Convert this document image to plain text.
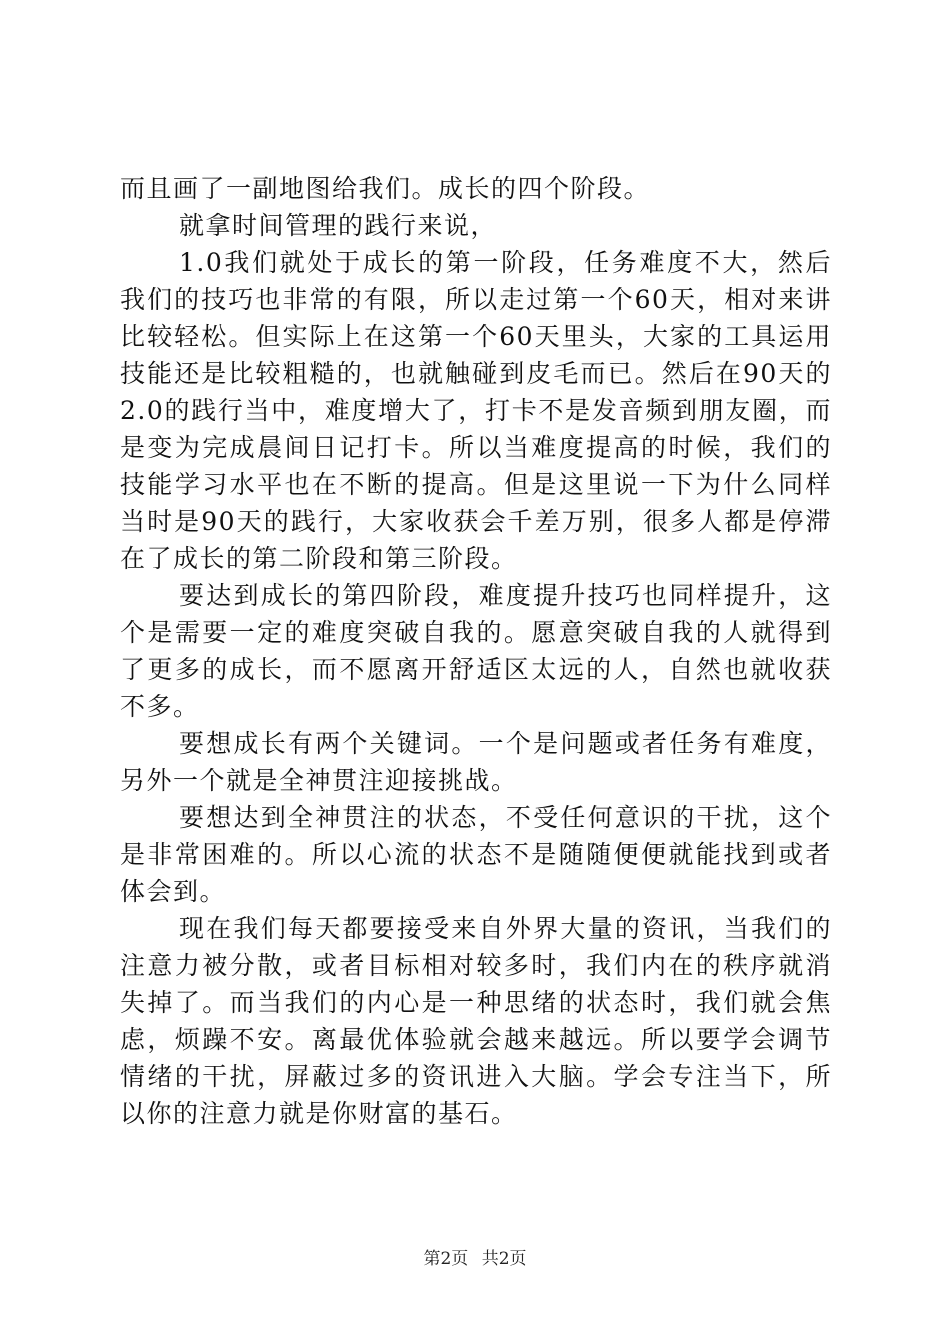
而且画了一副地图给我们。成长的四个阶段。

就拿时间管理的践行来说，

1.0我们就处于成长的第一阶段，任务难度不大，然后我们的技巧也非常的有限，所以走过第一个60天，相对来讲比较轻松。但实际上在这第一个60天里头，大家的工具运用技能还是比较粗糙的，也就触碰到皮毛而已。然后在90天的2.0的践行当中，难度增大了，打卡不是发音频到朋友圈，而是变为完成晨间日记打卡。所以当难度提高的时候，我们的技能学习水平也在不断的提高。但是这里说一下为什么同样当时是90天的践行，大家收获会千差万别，很多人都是停滞在了成长的第二阶段和第三阶段。

要达到成长的第四阶段，难度提升技巧也同样提升，这个是需要一定的难度突破自我的。愿意突破自我的人就得到了更多的成长，而不愿离开舒适区太远的人，自然也就收获不多。

要想成长有两个关键词。一个是问题或者任务有难度，另外一个就是全神贯注迎接挑战。

要想达到全神贯注的状态，不受任何意识的干扰，这个是非常困难的。所以心流的状态不是随随便便就能找到或者体会到。

现在我们每天都要接受来自外界大量的资讯，当我们的注意力被分散，或者目标相对较多时，我们内在的秩序就消失掉了。而当我们的内心是一种思绪的状态时，我们就会焦虑，烦躁不安。离最优体验就会越来越远。所以要学会调节情绪的干扰，屏蔽过多的资讯进入大脑。学会专注当下，所以你的注意力就是你财富的基石。

第2页 共2页
